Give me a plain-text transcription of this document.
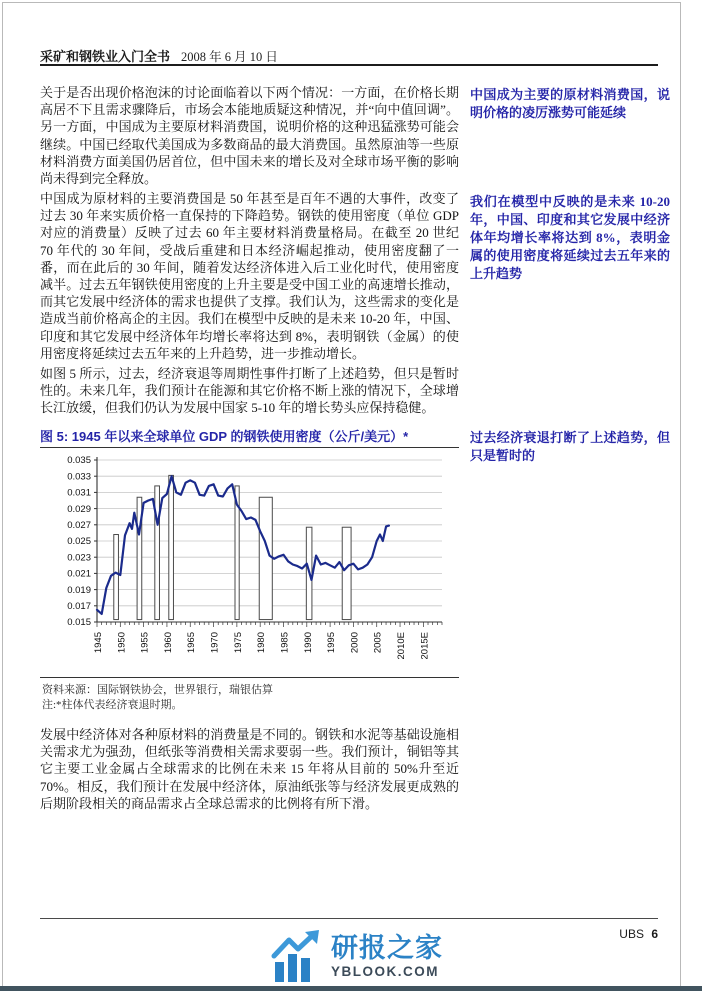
采矿和钢铁业入门全书 2008 年 6 月 10 日
关于是否出现价格泡沫的讨论面临着以下两个情况：一方面，在价格长期高居不下且需求骤降后，市场会本能地质疑这种情况，并“向中值回调”。另一方面，中国成为主要原材料消费国，说明价格的这种迅猛涨势可能会继续。中国已经取代美国成为多数商品的最大消费国。虽然原油等一些原材料消费方面美国仍居首位，但中国未来的增长及对全球市场平衡的影响尚未得到完全释放。
中国成为原材料的主要消费国是 50 年甚至是百年不遇的大事件，改变了过去 30 年来实质价格一直保持的下降趋势。钢铁的使用密度（单位 GDP 对应的消费量）反映了过去 60 年主要材料消费量格局。在截至 20 世纪 70 年代的 30 年间，受战后重建和日本经济崛起推动，使用密度翻了一番，而在此后的 30 年间，随着发达经济体进入后工业化时代，使用密度减半。过去五年钢铁使用密度的上升主要是受中国工业的高速增长推动，而其它发展中经济体的需求也提供了支撑。我们认为，这些需求的变化是造成当前价格高企的主因。我们在模型中反映的是未来 10-20 年，中国、印度和其它发展中经济体年均增长率将达到 8%，表明钢铁（金属）的使用密度将延续过去五年来的上升趋势，进一步推动增长。
如图 5 所示，过去，经济衰退等周期性事件打断了上述趋势，但只是暂时性的。未来几年，我们预计在能源和其它价格不断上涨的情况下，全球增长江放缓，但我们仍认为发展中国家 5-10 年的增长势头应保持稳健。
中国成为主要的原材料消费国，说明价格的凌厉涨势可能延续
我们在模型中反映的是未来 10-20 年，中国、印度和其它发展中经济体年均增长率将达到 8%，表明金属的使用密度将延续过去五年来的上升趋势
过去经济衰退打断了上述趋势，但只是暂时的
图 5: 1945 年以来全球单位 GDP 的钢铁使用密度（公斤/美元）*
0.015
0.017
0.019
0.021
0.023
0.025
0.027
0.029
0.031
0.033
0.035
1945 1950 1955 1960 1965 1970 1975 1980 1985 1990 1995 2000 2005 2010E 2015E
资料来源：国际钢铁协会，世界银行，瑞银估算
注:*柱体代表经济衰退时期。
发展中经济体对各种原材料的消费量是不同的。钢铁和水泥等基础设施相关需求尤为强劲，但纸张等消费相关需求要弱一些。我们预计，铜铝等其它主要工业金属占全球需求的比例在未来 15 年将从目前的 50%升至近 70%。相反，我们预计在发展中经济体，原油纸张等与经济发展更成熟的后期阶段相关的商品需求占全球总需求的比例将有所下滑。
UBS 6
研报之家
YBLOOK.COM
